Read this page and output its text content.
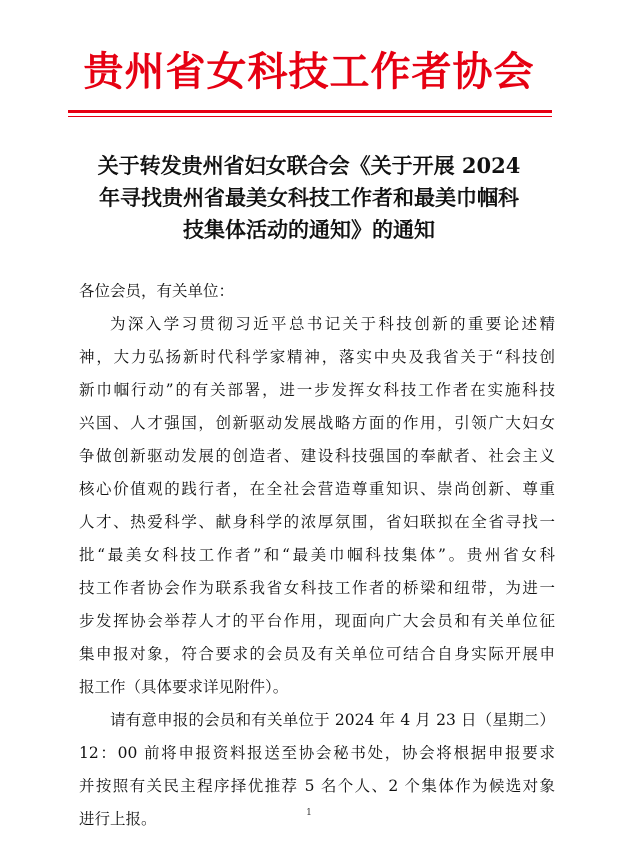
贵州省女科技工作者协会
关于转发贵州省妇女联合会《关于开展 2024
年寻找贵州省最美女科技工作者和最美巾帼科
技集体活动的通知》的通知
各位会员，有关单位：
为深入学习贯彻习近平总书记关于科技创新的重要论述精
神，大力弘扬新时代科学家精神，落实中央及我省关于“科技创
新巾帼行动”的有关部署，进一步发挥女科技工作者在实施科技
兴国、人才强国，创新驱动发展战略方面的作用，引领广大妇女
争做创新驱动发展的创造者、建设科技强国的奉献者、社会主义
核心价值观的践行者，在全社会营造尊重知识、崇尚创新、尊重
人才、热爱科学、献身科学的浓厚氛围，省妇联拟在全省寻找一
批“最美女科技工作者”和“最美巾帼科技集体”。贵州省女科
技工作者协会作为联系我省女科技工作者的桥梁和纽带，为进一
步发挥协会举荐人才的平台作用，现面向广大会员和有关单位征
集申报对象，符合要求的会员及有关单位可结合自身实际开展申
报工作（具体要求详见附件）。
请有意申报的会员和有关单位于 2024 年 4 月 23 日（星期二）
12：00 前将申报资料报送至协会秘书处，协会将根据申报要求
并按照有关民主程序择优推荐 5 名个人、2 个集体作为候选对象
进行上报。	1
